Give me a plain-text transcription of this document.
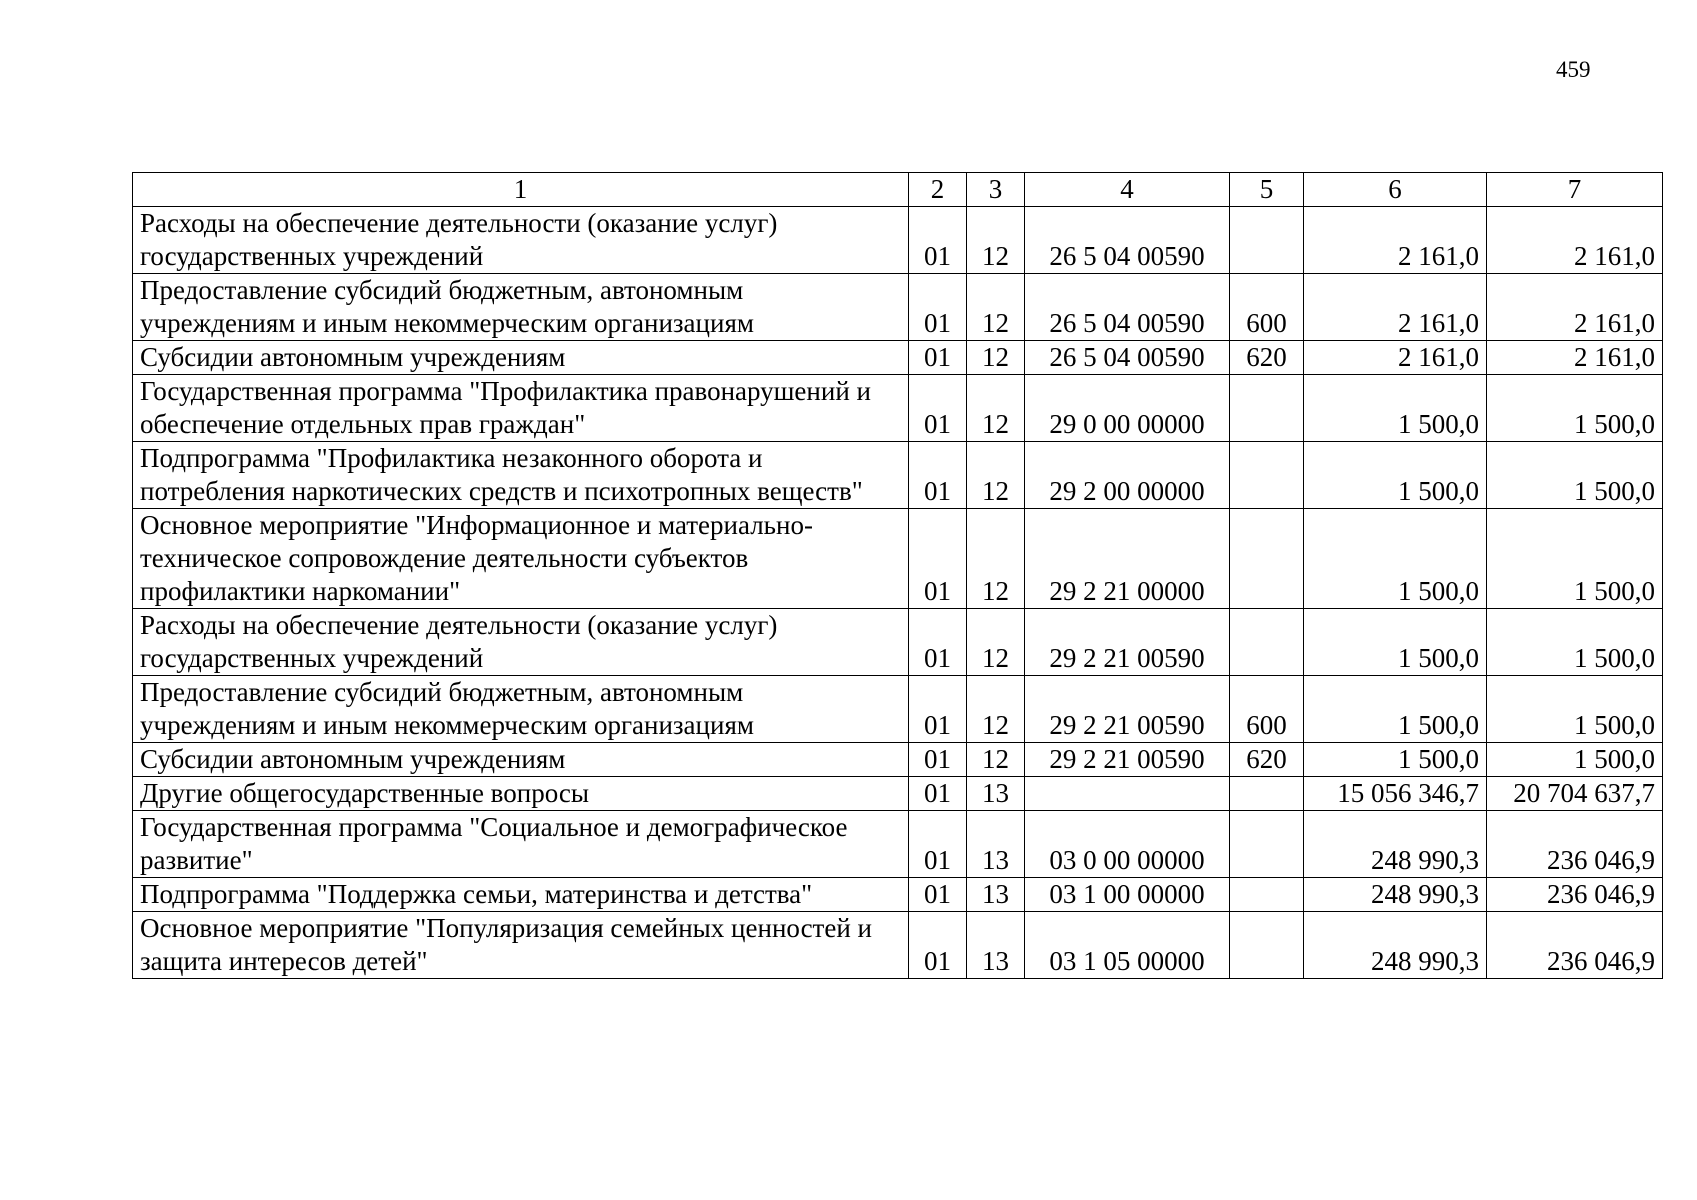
459
1	2	3	4	5	6	7
Расходы на обеспечение деятельности (оказание услуг) государственных учреждений	01	12	26 5 04 00590		2 161,0	2 161,0
Предоставление субсидий бюджетным, автономным учреждениям и иным некоммерческим организациям	01	12	26 5 04 00590	600	2 161,0	2 161,0
Субсидии автономным учреждениям	01	12	26 5 04 00590	620	2 161,0	2 161,0
Государственная программа "Профилактика правонарушений и обеспечение отдельных прав граждан"	01	12	29 0 00 00000		1 500,0	1 500,0
Подпрограмма "Профилактика незаконного оборота и потребления наркотических средств и психотропных веществ"	01	12	29 2 00 00000		1 500,0	1 500,0
Основное мероприятие "Информационное и материально-техническое сопровождение деятельности субъектов профилактики наркомании"	01	12	29 2 21 00000		1 500,0	1 500,0
Расходы на обеспечение деятельности (оказание услуг) государственных учреждений	01	12	29 2 21 00590		1 500,0	1 500,0
Предоставление субсидий бюджетным, автономным учреждениям и иным некоммерческим организациям	01	12	29 2 21 00590	600	1 500,0	1 500,0
Субсидии автономным учреждениям	01	12	29 2 21 00590	620	1 500,0	1 500,0
Другие общегосударственные вопросы	01	13			15 056 346,7	20 704 637,7
Государственная программа "Социальное и демографическое развитие"	01	13	03 0 00 00000		248 990,3	236 046,9
Подпрограмма "Поддержка семьи, материнства и детства"	01	13	03 1 00 00000		248 990,3	236 046,9
Основное мероприятие "Популяризация семейных ценностей и защита интересов детей"	01	13	03 1 05 00000		248 990,3	236 046,9
